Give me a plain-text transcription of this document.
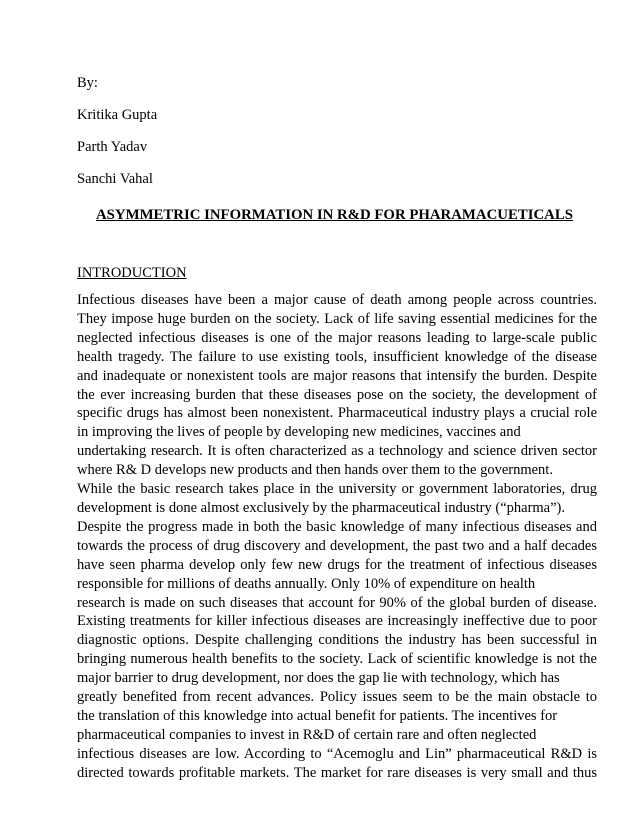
By:
Kritika Gupta
Parth Yadav
Sanchi Vahal
ASYMMETRIC INFORMATION IN R&D FOR PHARAMACUETICALS
INTRODUCTION
Infectious diseases have been a major cause of death among people across countries.
They impose huge burden on the society. Lack of life saving essential medicines for the
neglected infectious diseases is one of the major reasons leading to large-scale public
health tragedy. The failure to use existing tools, insufficient knowledge of the disease
and inadequate or nonexistent tools are major reasons that intensify the burden. Despite
the ever increasing burden that these diseases pose on the society, the development of
specific drugs has almost been nonexistent. Pharmaceutical industry plays a crucial role
in improving the lives of people by developing new medicines, vaccines and
undertaking research. It is often characterized as a technology and science driven sector
where R& D develops new products and then hands over them to the government.
While the basic research takes place in the university or government laboratories, drug
development is done almost exclusively by the pharmaceutical industry (“pharma”).
Despite the progress made in both the basic knowledge of many infectious diseases and
towards the process of drug discovery and development, the past two and a half decades
have seen pharma develop only few new drugs for the treatment of infectious diseases
responsible for millions of deaths annually. Only 10% of expenditure on health
research is made on such diseases that account for 90% of the global burden of disease.
Existing treatments for killer infectious diseases are increasingly ineffective due to poor
diagnostic options. Despite challenging conditions the industry has been successful in
bringing numerous health benefits to the society. Lack of scientific knowledge is not the
major barrier to drug development, nor does the gap lie with technology, which has
greatly benefited from recent advances. Policy issues seem to be the main obstacle to
the translation of this knowledge into actual benefit for patients. The incentives for
pharmaceutical companies to invest in R&D of certain rare and often neglected
infectious diseases are low. According to “Acemoglu and Lin” pharmaceutical R&D is
directed towards profitable markets. The market for rare diseases is very small and thus
